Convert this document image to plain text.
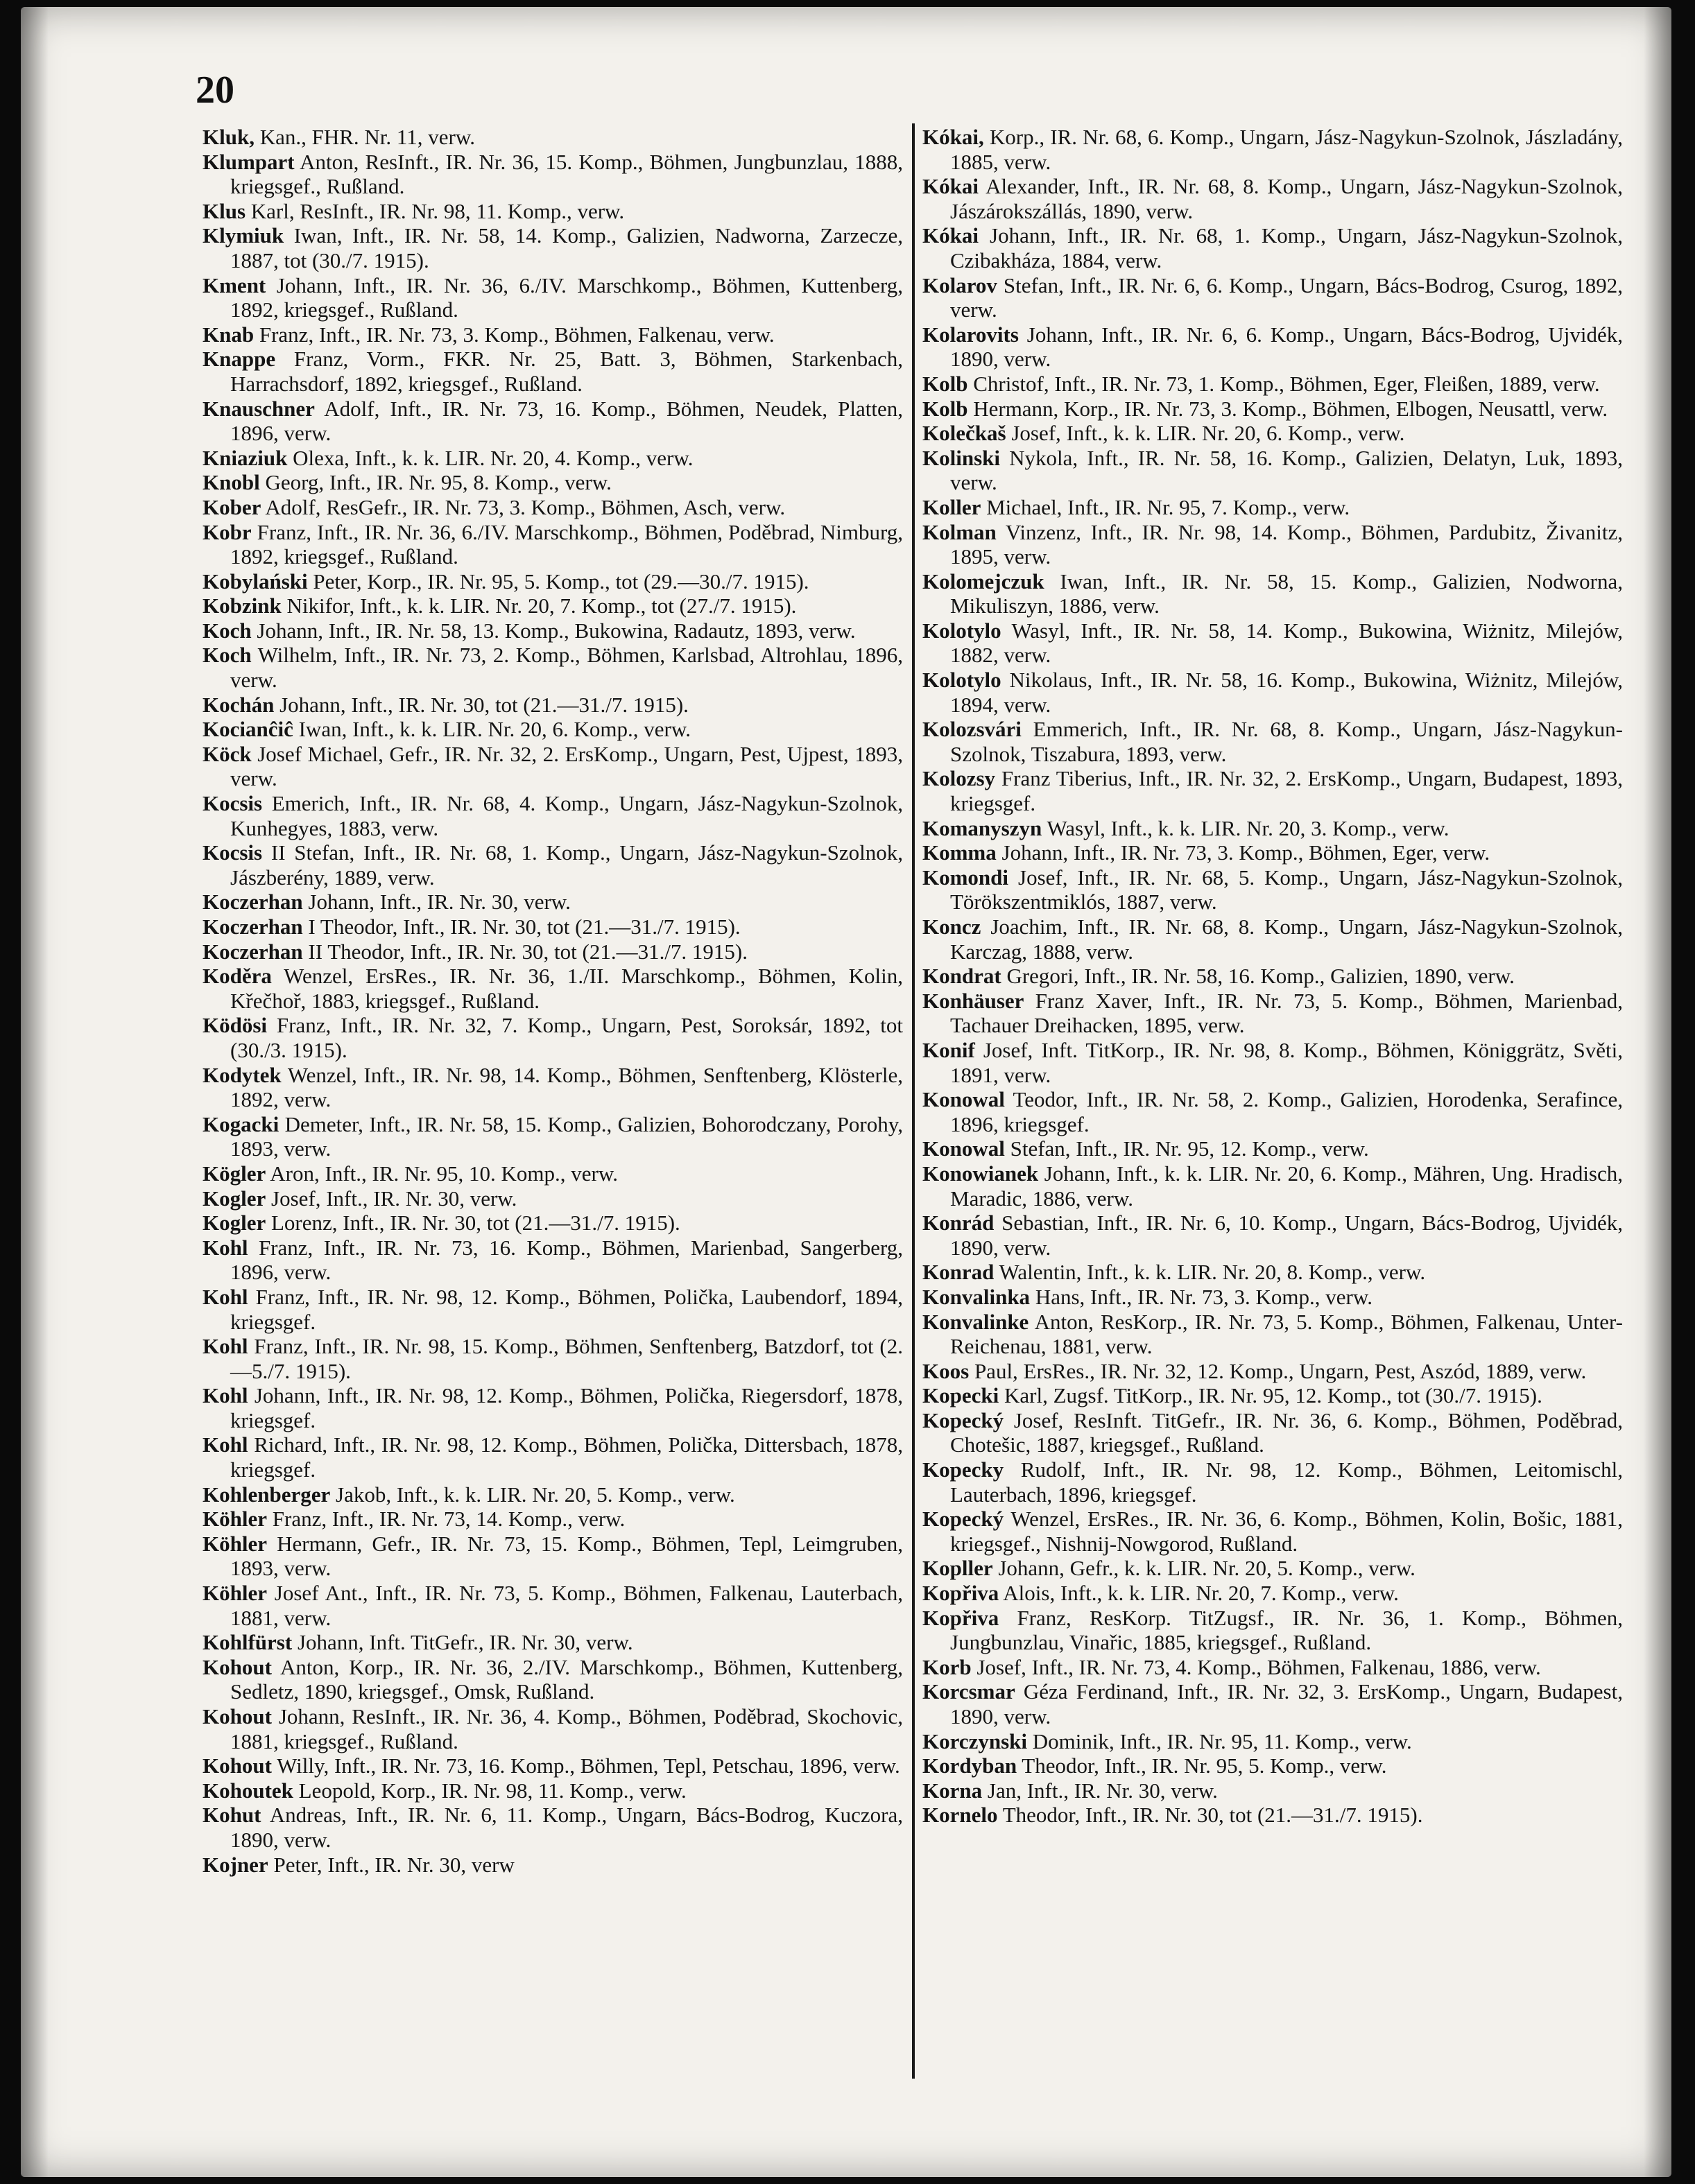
20

Kluk, Kan., FHR. Nr. 11, verw.

Klumpart Anton, ResInft., IR. Nr. 36, 15. Komp., Böhmen, Jungbunzlau, 1888, kriegsgef., Rußland.

Klus Karl, ResInft., IR. Nr. 98, 11. Komp., verw.

Klymiuk Iwan, Inft., IR. Nr. 58, 14. Komp., Galizien, Nadworna, Zarzecze, 1887, tot (30./7. 1915).

Kment Johann, Inft., IR. Nr. 36, 6./IV. Marschkomp., Böhmen, Kuttenberg, 1892, kriegsgef., Rußland.

Knab Franz, Inft., IR. Nr. 73, 3. Komp., Böhmen, Falkenau, verw.

Knappe Franz, Vorm., FKR. Nr. 25, Batt. 3, Böhmen, Starkenbach, Harrachsdorf, 1892, kriegsgef., Rußland.

Knauschner Adolf, Inft., IR. Nr. 73, 16. Komp., Böhmen, Neudek, Platten, 1896, verw.

Kniaziuk Olexa, Inft., k. k. LIR. Nr. 20, 4. Komp., verw.

Knobl Georg, Inft., IR. Nr. 95, 8. Komp., verw.

Kober Adolf, ResGefr., IR. Nr. 73, 3. Komp., Böhmen, Asch, verw.

Kobr Franz, Inft., IR. Nr. 36, 6./IV. Marschkomp., Böhmen, Poděbrad, Nimburg, 1892, kriegsgef., Rußland.

Kobylański Peter, Korp., IR. Nr. 95, 5. Komp., tot (29.—30./7. 1915).

Kobzink Nikifor, Inft., k. k. LIR. Nr. 20, 7. Komp., tot (27./7. 1915).

Koch Johann, Inft., IR. Nr. 58, 13. Komp., Bukowina, Radautz, 1893, verw.

Koch Wilhelm, Inft., IR. Nr. 73, 2. Komp., Böhmen, Karlsbad, Altrohlau, 1896, verw.

Kochán Johann, Inft., IR. Nr. 30, tot (21.—31./7. 1915).

Kocianĉiĉ Iwan, Inft., k. k. LIR. Nr. 20, 6. Komp., verw.

Köck Josef Michael, Gefr., IR. Nr. 32, 2. ErsKomp., Ungarn, Pest, Ujpest, 1893, verw.

Kocsis Emerich, Inft., IR. Nr. 68, 4. Komp., Ungarn, Jász-Nagykun-Szolnok, Kunhegyes, 1883, verw.

Kocsis II Stefan, Inft., IR. Nr. 68, 1. Komp., Ungarn, Jász-Nagykun-Szolnok, Jászberény, 1889, verw.

Koczerhan Johann, Inft., IR. Nr. 30, verw.

Koczerhan I Theodor, Inft., IR. Nr. 30, tot (21.—31./7. 1915).

Koczerhan II Theodor, Inft., IR. Nr. 30, tot (21.—31./7. 1915).

Koděra Wenzel, ErsRes., IR. Nr. 36, 1./II. Marschkomp., Böhmen, Kolin, Křečhoř, 1883, kriegsgef., Rußland.

Ködösi Franz, Inft., IR. Nr. 32, 7. Komp., Ungarn, Pest, Soroksár, 1892, tot (30./3. 1915).

Kodytek Wenzel, Inft., IR. Nr. 98, 14. Komp., Böhmen, Senftenberg, Klösterle, 1892, verw.

Kogacki Demeter, Inft., IR. Nr. 58, 15. Komp., Galizien, Bohorodczany, Porohy, 1893, verw.

Kögler Aron, Inft., IR. Nr. 95, 10. Komp., verw.

Kogler Josef, Inft., IR. Nr. 30, verw.

Kogler Lorenz, Inft., IR. Nr. 30, tot (21.—31./7. 1915).

Kohl Franz, Inft., IR. Nr. 73, 16. Komp., Böhmen, Marienbad, Sangerberg, 1896, verw.

Kohl Franz, Inft., IR. Nr. 98, 12. Komp., Böhmen, Polička, Laubendorf, 1894, kriegsgef.

Kohl Franz, Inft., IR. Nr. 98, 15. Komp., Böhmen, Senftenberg, Batzdorf, tot (2.—5./7. 1915).

Kohl Johann, Inft., IR. Nr. 98, 12. Komp., Böhmen, Polička, Riegersdorf, 1878, kriegsgef.

Kohl Richard, Inft., IR. Nr. 98, 12. Komp., Böhmen, Polička, Dittersbach, 1878, kriegsgef.

Kohlenberger Jakob, Inft., k. k. LIR. Nr. 20, 5. Komp., verw.

Köhler Franz, Inft., IR. Nr. 73, 14. Komp., verw.

Köhler Hermann, Gefr., IR. Nr. 73, 15. Komp., Böhmen, Tepl, Leimgruben, 1893, verw.

Köhler Josef Ant., Inft., IR. Nr. 73, 5. Komp., Böhmen, Falkenau, Lauterbach, 1881, verw.

Kohlfürst Johann, Inft. TitGefr., IR. Nr. 30, verw.

Kohout Anton, Korp., IR. Nr. 36, 2./IV. Marschkomp., Böhmen, Kuttenberg, Sedletz, 1890, kriegsgef., Omsk, Rußland.

Kohout Johann, ResInft., IR. Nr. 36, 4. Komp., Böhmen, Poděbrad, Skochovic, 1881, kriegsgef., Rußland.

Kohout Willy, Inft., IR. Nr. 73, 16. Komp., Böhmen, Tepl, Petschau, 1896, verw.

Kohoutek Leopold, Korp., IR. Nr. 98, 11. Komp., verw.

Kohut Andreas, Inft., IR. Nr. 6, 11. Komp., Ungarn, Bács-Bodrog, Kuczora, 1890, verw.

Kojner Peter, Inft., IR. Nr. 30, verw

Kókai, Korp., IR. Nr. 68, 6. Komp., Ungarn, Jász-Nagykun-Szolnok, Jászladány, 1885, verw.

Kókai Alexander, Inft., IR. Nr. 68, 8. Komp., Ungarn, Jász-Nagykun-Szolnok, Jászárokszállás, 1890, verw.

Kókai Johann, Inft., IR. Nr. 68, 1. Komp., Ungarn, Jász-Nagykun-Szolnok, Czibakháza, 1884, verw.

Kolarov Stefan, Inft., IR. Nr. 6, 6. Komp., Ungarn, Bács-Bodrog, Csurog, 1892, verw.

Kolarovits Johann, Inft., IR. Nr. 6, 6. Komp., Ungarn, Bács-Bodrog, Ujvidék, 1890, verw.

Kolb Christof, Inft., IR. Nr. 73, 1. Komp., Böhmen, Eger, Fleißen, 1889, verw.

Kolb Hermann, Korp., IR. Nr. 73, 3. Komp., Böhmen, Elbogen, Neusattl, verw.

Kolečkaš Josef, Inft., k. k. LIR. Nr. 20, 6. Komp., verw.

Kolinski Nykola, Inft., IR. Nr. 58, 16. Komp., Galizien, Delatyn, Luk, 1893, verw.

Koller Michael, Inft., IR. Nr. 95, 7. Komp., verw.

Kolman Vinzenz, Inft., IR. Nr. 98, 14. Komp., Böhmen, Pardubitz, Živanitz, 1895, verw.

Kolomejczuk Iwan, Inft., IR. Nr. 58, 15. Komp., Galizien, Nodworna, Mikuliszyn, 1886, verw.

Kolotylo Wasyl, Inft., IR. Nr. 58, 14. Komp., Bukowina, Wiżnitz, Milejów, 1882, verw.

Kolotylo Nikolaus, Inft., IR. Nr. 58, 16. Komp., Bukowina, Wiżnitz, Milejów, 1894, verw.

Kolozsvári Emmerich, Inft., IR. Nr. 68, 8. Komp., Ungarn, Jász-Nagykun-Szolnok, Tiszabura, 1893, verw.

Kolozsy Franz Tiberius, Inft., IR. Nr. 32, 2. ErsKomp., Ungarn, Budapest, 1893, kriegsgef.

Komanyszyn Wasyl, Inft., k. k. LIR. Nr. 20, 3. Komp., verw.

Komma Johann, Inft., IR. Nr. 73, 3. Komp., Böhmen, Eger, verw.

Komondi Josef, Inft., IR. Nr. 68, 5. Komp., Ungarn, Jász-Nagykun-Szolnok, Törökszentmiklós, 1887, verw.

Koncz Joachim, Inft., IR. Nr. 68, 8. Komp., Ungarn, Jász-Nagykun-Szolnok, Karczag, 1888, verw.

Kondrat Gregori, Inft., IR. Nr. 58, 16. Komp., Galizien, 1890, verw.

Konhäuser Franz Xaver, Inft., IR. Nr. 73, 5. Komp., Böhmen, Marienbad, Tachauer Dreihacken, 1895, verw.

Konif Josef, Inft. TitKorp., IR. Nr. 98, 8. Komp., Böhmen, Königgrätz, Světi, 1891, verw.

Konowal Teodor, Inft., IR. Nr. 58, 2. Komp., Galizien, Horodenka, Serafince, 1896, kriegsgef.

Konowal Stefan, Inft., IR. Nr. 95, 12. Komp., verw.

Konowianek Johann, Inft., k. k. LIR. Nr. 20, 6. Komp., Mähren, Ung. Hradisch, Maradic, 1886, verw.

Konrád Sebastian, Inft., IR. Nr. 6, 10. Komp., Ungarn, Bács-Bodrog, Ujvidék, 1890, verw.

Konrad Walentin, Inft., k. k. LIR. Nr. 20, 8. Komp., verw.

Konvalinka Hans, Inft., IR. Nr. 73, 3. Komp., verw.

Konvalinke Anton, ResKorp., IR. Nr. 73, 5. Komp., Böhmen, Falkenau, Unter-Reichenau, 1881, verw.

Koos Paul, ErsRes., IR. Nr. 32, 12. Komp., Ungarn, Pest, Aszód, 1889, verw.

Kopecki Karl, Zugsf. TitKorp., IR. Nr. 95, 12. Komp., tot (30./7. 1915).

Kopecký Josef, ResInft. TitGefr., IR. Nr. 36, 6. Komp., Böhmen, Poděbrad, Chotešic, 1887, kriegsgef., Rußland.

Kopecky Rudolf, Inft., IR. Nr. 98, 12. Komp., Böhmen, Leitomischl, Lauterbach, 1896, kriegsgef.

Kopecký Wenzel, ErsRes., IR. Nr. 36, 6. Komp., Böhmen, Kolin, Bošic, 1881, kriegsgef., Nishnij-Nowgorod, Rußland.

Kopller Johann, Gefr., k. k. LIR. Nr. 20, 5. Komp., verw.

Kopřiva Alois, Inft., k. k. LIR. Nr. 20, 7. Komp., verw.

Kopřiva Franz, ResKorp. TitZugsf., IR. Nr. 36, 1. Komp., Böhmen, Jungbunzlau, Vinařic, 1885, kriegsgef., Rußland.

Korb Josef, Inft., IR. Nr. 73, 4. Komp., Böhmen, Falkenau, 1886, verw.

Korcsmar Géza Ferdinand, Inft., IR. Nr. 32, 3. ErsKomp., Ungarn, Budapest, 1890, verw.

Korczynski Dominik, Inft., IR. Nr. 95, 11. Komp., verw.

Kordyban Theodor, Inft., IR. Nr. 95, 5. Komp., verw.

Korna Jan, Inft., IR. Nr. 30, verw.

Kornelo Theodor, Inft., IR. Nr. 30, tot (21.—31./7. 1915).
